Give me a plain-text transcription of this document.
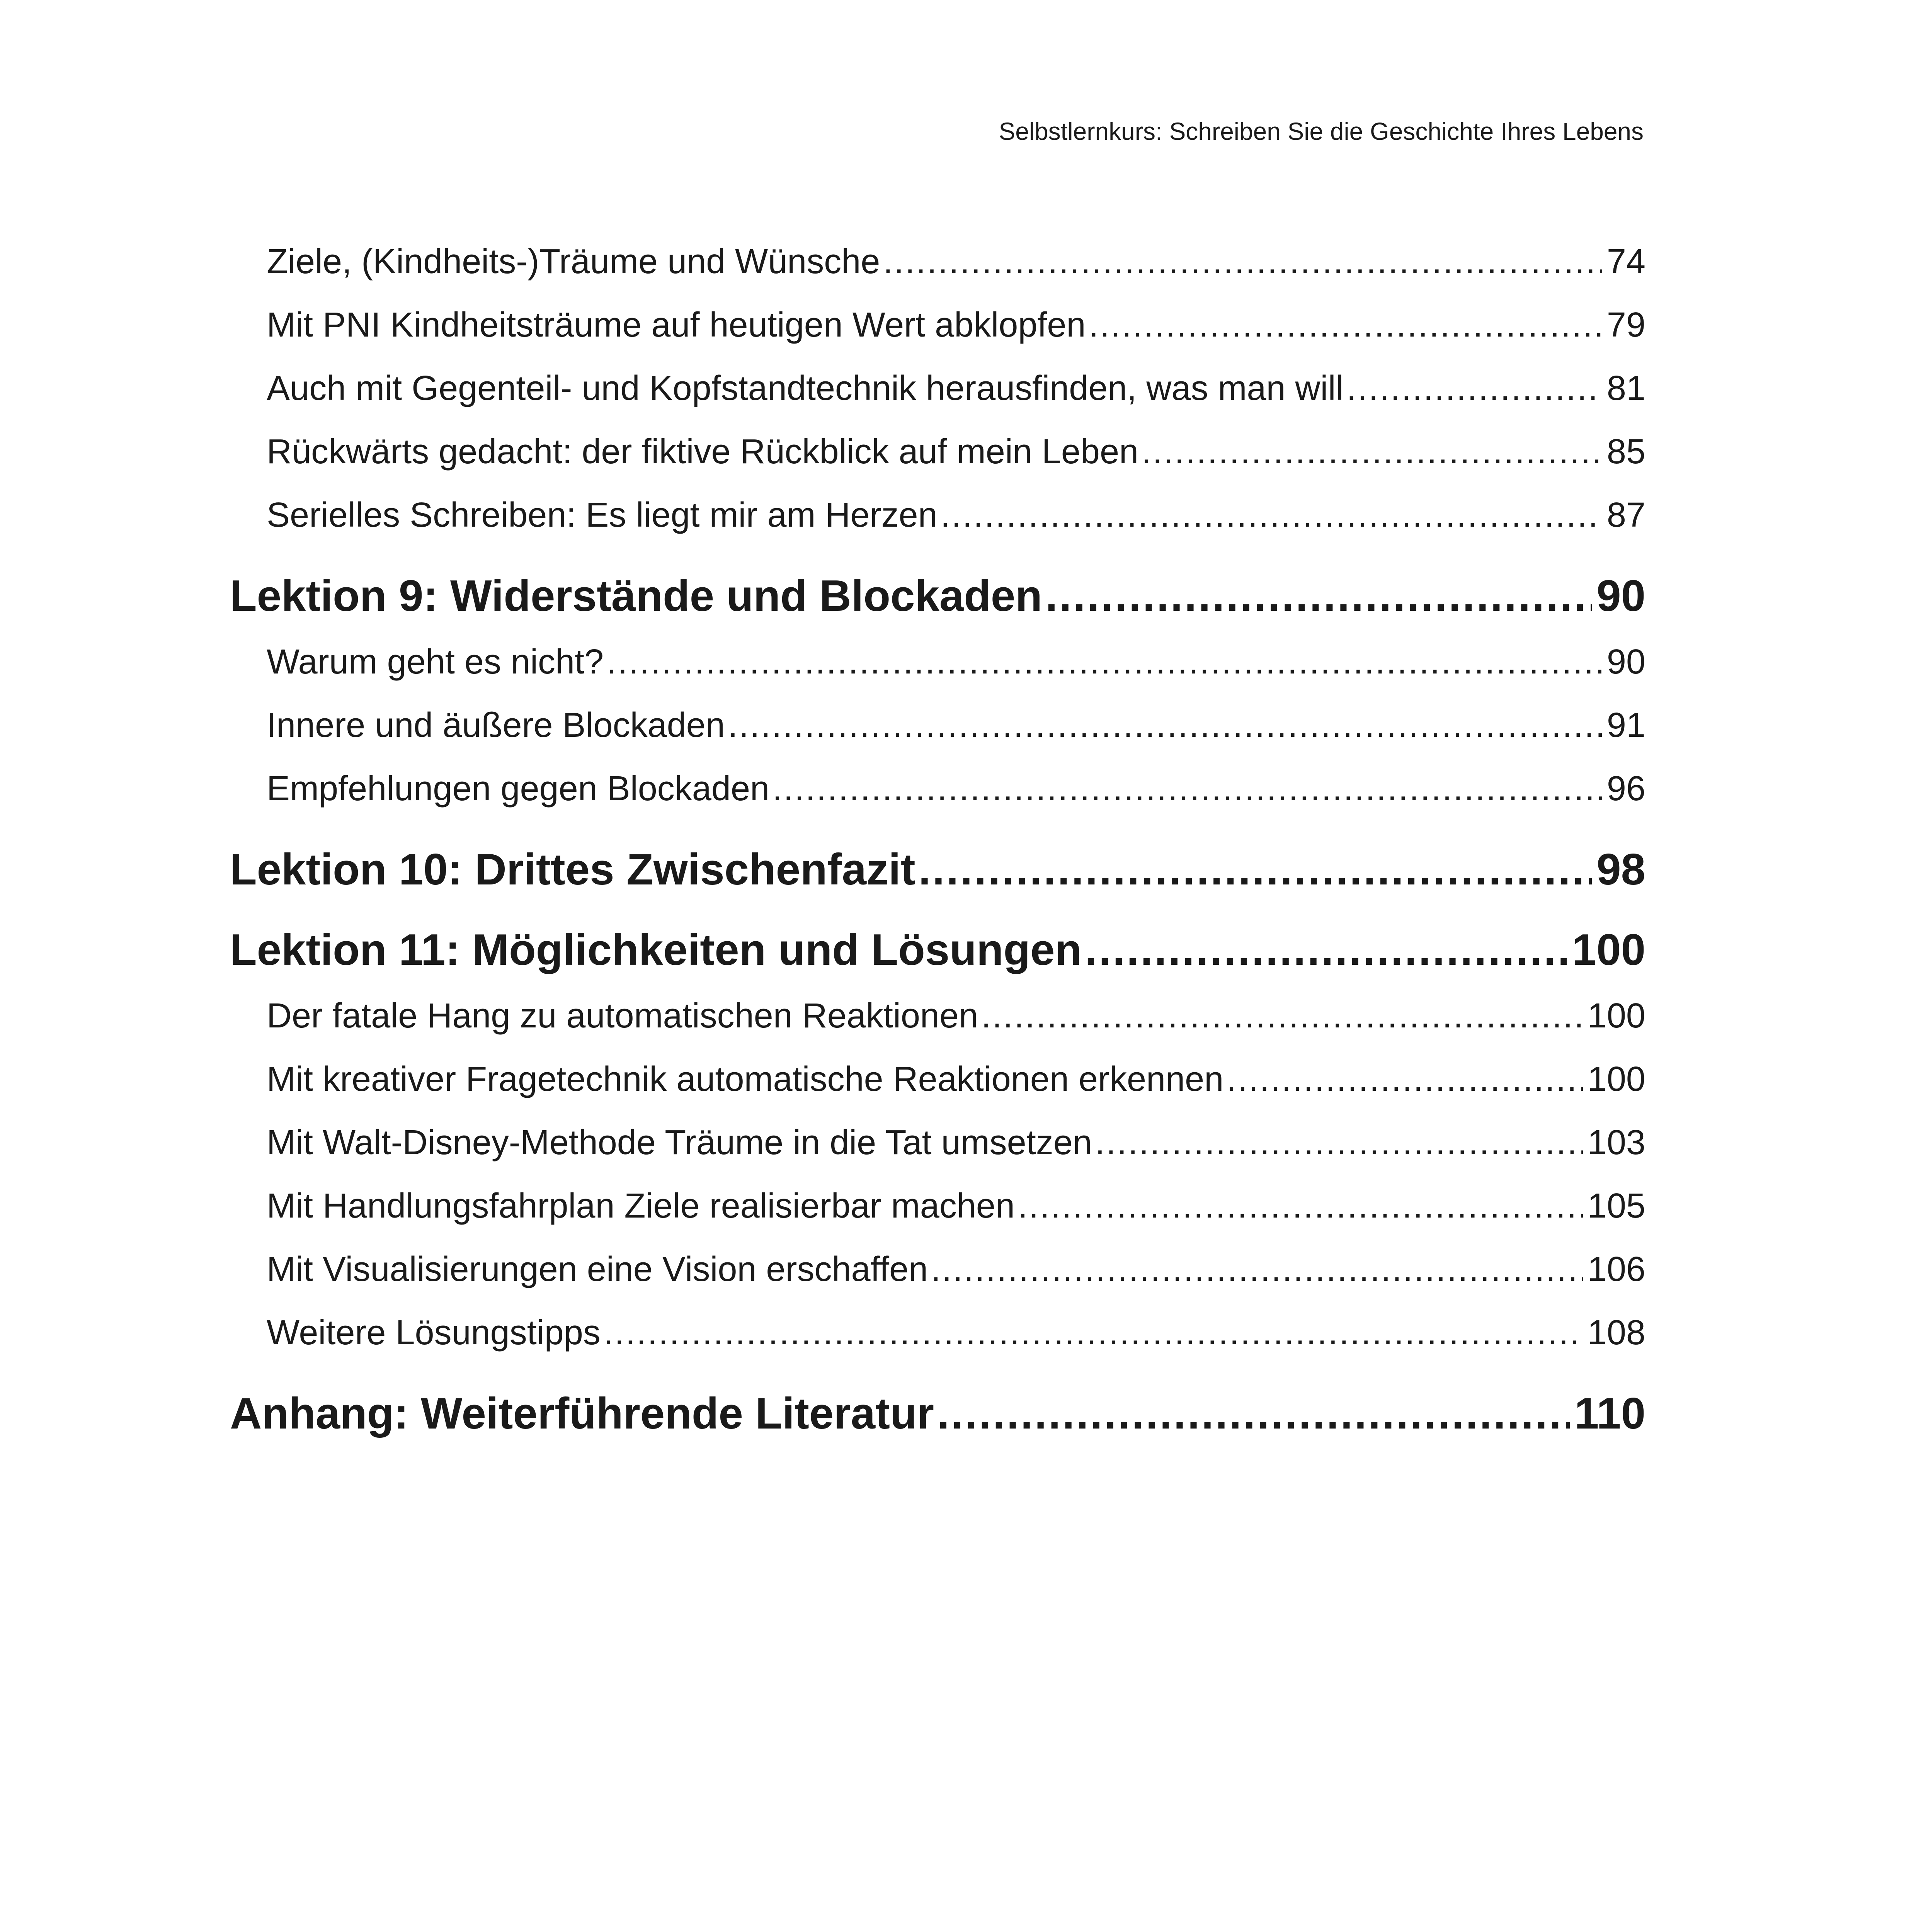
Selbstlernkurs: Schreiben Sie die Geschichte Ihres Lebens
Ziele, (Kindheits-)Träume und Wünsche . . .	74
Mit PNI Kindheitsträume auf heutigen Wert abklopfen . . .	79
Auch mit Gegenteil- und Kopfstandtechnik herausfinden, was man will . . .	81
Rückwärts gedacht: der fiktive Rückblick auf mein Leben . . .	85
Serielles Schreiben: Es liegt mir am Herzen . . .	87
Lektion 9: Widerstände und Blockaden . . .	90
Warum geht es nicht? . . .	90
Innere und äußere Blockaden . . .	91
Empfehlungen gegen Blockaden . . .	96
Lektion 10: Drittes Zwischenfazit . . .	98
Lektion 11: Möglichkeiten und Lösungen . . .	100
Der fatale Hang zu automatischen Reaktionen . . .	100
Mit kreativer Fragetechnik automatische Reaktionen erkennen . . .	100
Mit Walt-Disney-Methode Träume in die Tat umsetzen . . .	103
Mit Handlungsfahrplan Ziele realisierbar machen . . .	105
Mit Visualisierungen eine Vision erschaffen . . .	106
Weitere Lösungstipps . . .	108
Anhang: Weiterführende Literatur . . .	110
